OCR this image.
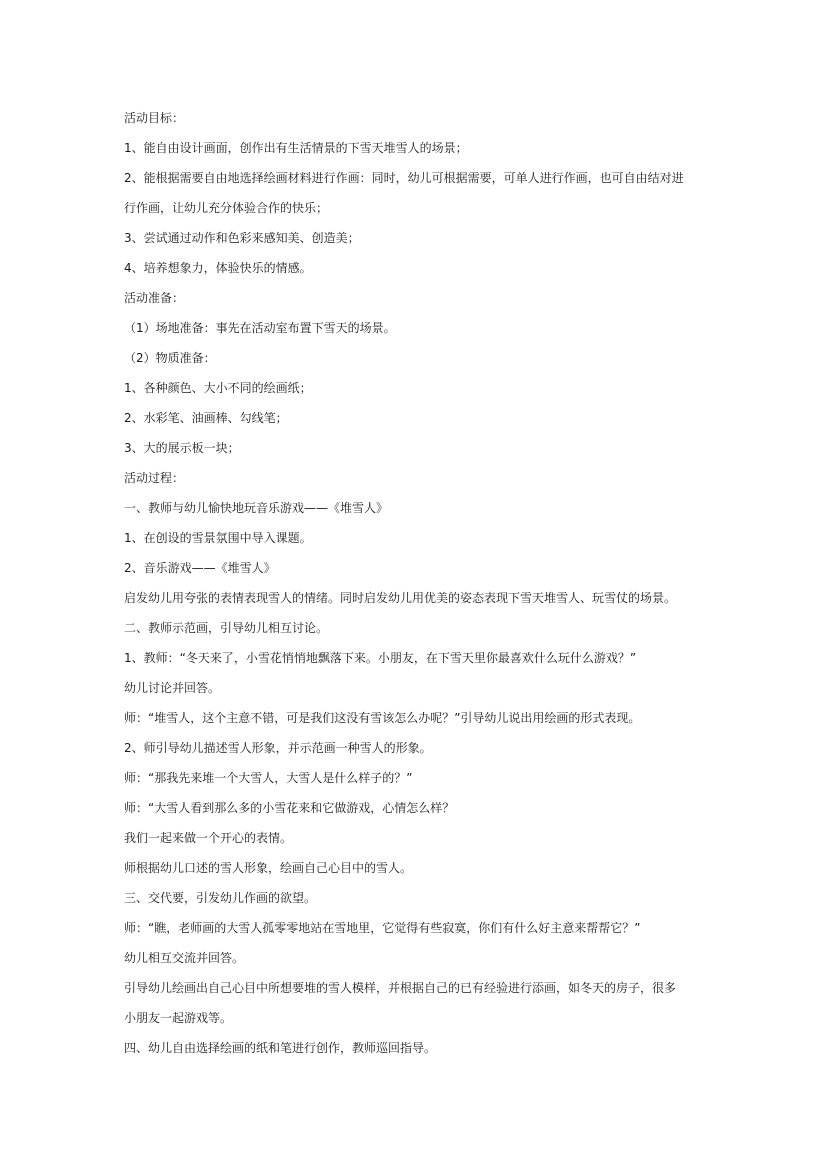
活动目标：
1、能自由设计画面，创作出有生活情景的下雪天堆雪人的场景；
2、能根据需要自由地选择绘画材料进行作画：同时，幼儿可根据需要，可单人进行作画，也可自由结对进
行作画，让幼儿充分体验合作的快乐；
3、尝试通过动作和色彩来感知美、创造美；
4、培养想象力，体验快乐的情感。
活动准备：
（1）场地准备：事先在活动室布置下雪天的场景。
（2）物质准备：
1、各种颜色、大小不同的绘画纸；
2、水彩笔、油画棒、勾线笔；
3、大的展示板一块；
活动过程：
一、教师与幼儿愉快地玩音乐游戏——《堆雪人》
1、在创设的雪景氛围中导入课题。
2、音乐游戏——《堆雪人》
启发幼儿用夸张的表情表现雪人的情绪。同时启发幼儿用优美的姿态表现下雪天堆雪人、玩雪仗的场景。
二、教师示范画，引导幼儿相互讨论。
1、教师：“冬天来了，小雪花悄悄地飘落下来。小朋友，在下雪天里你最喜欢什么玩什么游戏？”
幼儿讨论并回答。
师：“堆雪人，这个主意不错，可是我们这没有雪该怎么办呢？”引导幼儿说出用绘画的形式表现。
2、师引导幼儿描述雪人形象，并示范画一种雪人的形象。
师：“那我先来堆一个大雪人，大雪人是什么样子的？”
师：“大雪人看到那么多的小雪花来和它做游戏，心情怎么样？
我们一起来做一个开心的表情。
师根据幼儿口述的雪人形象，绘画自己心目中的雪人。
三、交代要，引发幼儿作画的欲望。
师：“瞧，老师画的大雪人孤零零地站在雪地里，它觉得有些寂寞，你们有什么好主意来帮帮它？”
幼儿相互交流并回答。
引导幼儿绘画出自己心目中所想要堆的雪人模样，并根据自己的已有经验进行添画，如冬天的房子，很多
小朋友一起游戏等。
四、幼儿自由选择绘画的纸和笔进行创作，教师巡回指导。
